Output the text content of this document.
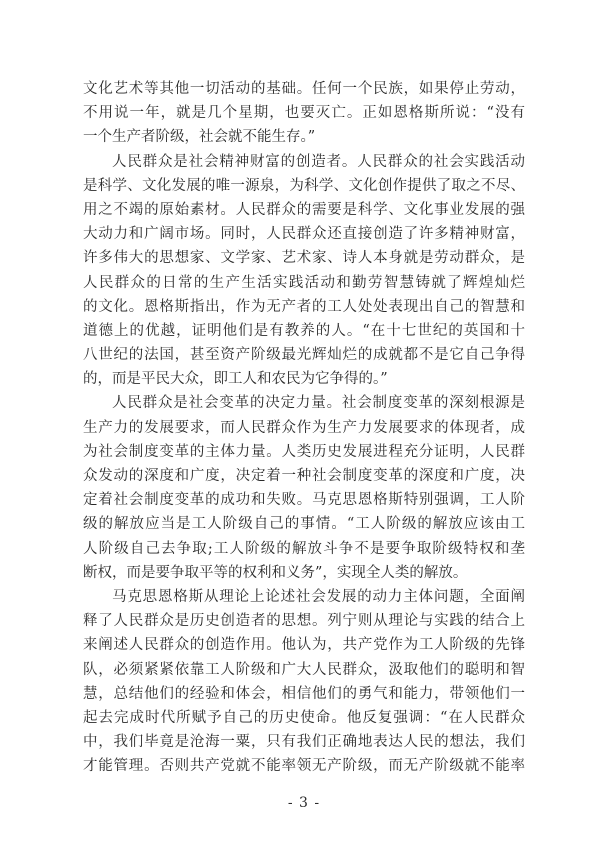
文化艺术等其他一切活动的基础。任何一个民族，如果停止劳动，
不用说一年，就是几个星期，也要灭亡。正如恩格斯所说：“没有
一个生产者阶级，社会就不能生存。”
人民群众是社会精神财富的创造者。人民群众的社会实践活动
是科学、文化发展的唯一源泉，为科学、文化创作提供了取之不尽、
用之不竭的原始素材。人民群众的需要是科学、文化事业发展的强
大动力和广阔市场。同时，人民群众还直接创造了许多精神财富，
许多伟大的思想家、文学家、艺术家、诗人本身就是劳动群众，是
人民群众的日常的生产生活实践活动和勤劳智慧铸就了辉煌灿烂
的文化。恩格斯指出，作为无产者的工人处处表现出自己的智慧和
道德上的优越，证明他们是有教养的人。“在十七世纪的英国和十
八世纪的法国，甚至资产阶级最光辉灿烂的成就都不是它自己争得
的，而是平民大众，即工人和农民为它争得的。”
人民群众是社会变革的决定力量。社会制度变革的深刻根源是
生产力的发展要求，而人民群众作为生产力发展要求的体现者，成
为社会制度变革的主体力量。人类历史发展进程充分证明，人民群
众发动的深度和广度，决定着一种社会制度变革的深度和广度，决
定着社会制度变革的成功和失败。马克思恩格斯特别强调，工人阶
级的解放应当是工人阶级自己的事情。“工人阶级的解放应该由工
人阶级自己去争取;工人阶级的解放斗争不是要争取阶级特权和垄
断权，而是要争取平等的权利和义务”，实现全人类的解放。
马克思恩格斯从理论上论述社会发展的动力主体问题，全面阐
释了人民群众是历史创造者的思想。列宁则从理论与实践的结合上
来阐述人民群众的创造作用。他认为，共产党作为工人阶级的先锋
队，必须紧紧依靠工人阶级和广大人民群众，汲取他们的聪明和智
慧，总结他们的经验和体会，相信他们的勇气和能力，带领他们一
起去完成时代所赋予自己的历史使命。他反复强调：“在人民群众
中，我们毕竟是沧海一粟，只有我们正确地表达人民的想法，我们
才能管理。否则共产党就不能率领无产阶级，而无产阶级就不能率
- 3 -
